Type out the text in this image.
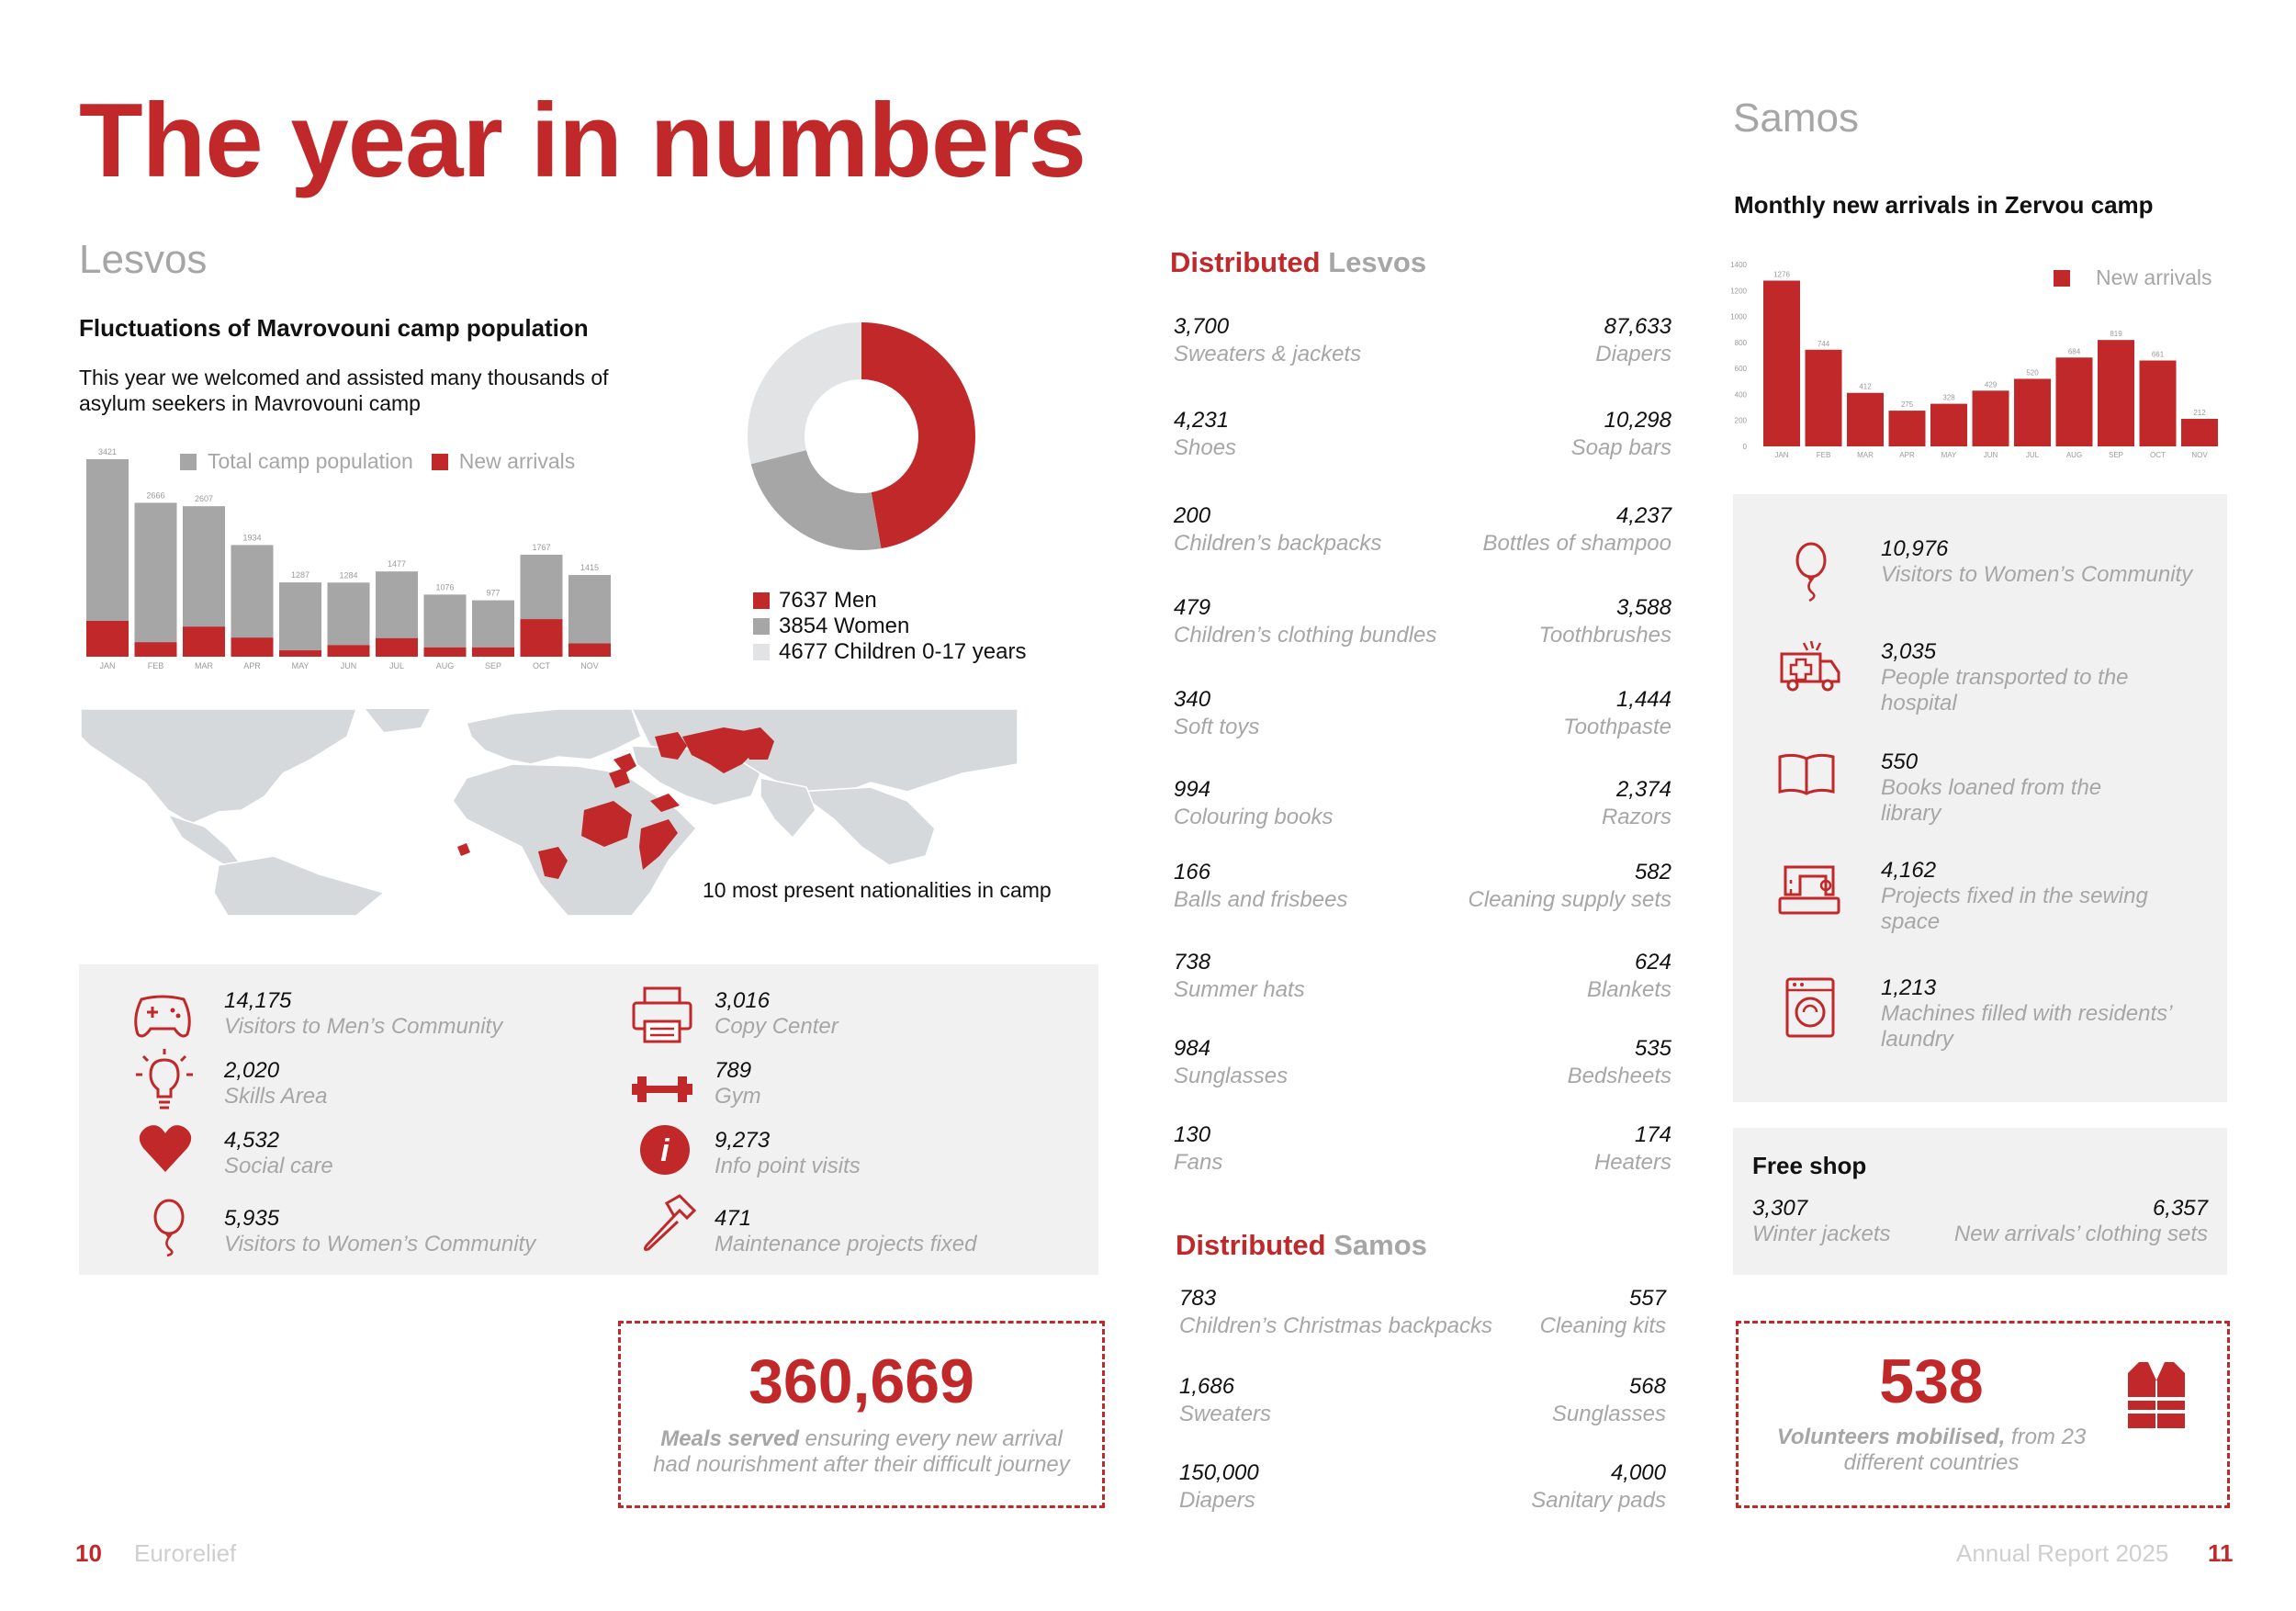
The year in numbers
Lesvos
Fluctuations of Mavrovouni camp population
This year we welcomed and assisted many thousands of asylum seekers in Mavrovouni camp
Total camp population New arrivals
3421
JAN
2666
FEB
2607
MAR
1934
APR
1287
MAY
1284
JUN
1477
JUL
1076
AUG
977
SEP
1767
OCT
1415
NOV
7637 Men
3854 Women
4677 Children 0-17 years
10 most present nationalities in camp
i
14,175
Visitors to Men’s Community
2,020
Skills Area
4,532
Social care
5,935
Visitors to Women’s Community
3,016
Copy Center
789
Gym
9,273
Info point visits
471
Maintenance projects fixed
360,669
Meals served ensuring every new arrival had nourishment after their difficult journey
Distributed Lesvos
3,700
Sweaters & jackets
4,231
Shoes
200
Children’s backpacks
479
Children’s clothing bundles
340
Soft toys
994
Colouring books
166
Balls and frisbees
738
Summer hats
984
Sunglasses
130
Fans
87,633
Diapers
10,298
Soap bars
4,237
Bottles of shampoo
3,588
Toothbrushes
1,444
Toothpaste
2,374
Razors
582
Cleaning supply sets
624
Blankets
535
Bedsheets
174
Heaters
Distributed Samos
783
Children’s Christmas backpacks
1,686
Sweaters
150,000
Diapers
557
Cleaning kits
568
Sunglasses
4,000
Sanitary pads
Samos
Monthly new arrivals in Zervou camp
New arrivals
0
200
400
600
800
1000
1200
1400
1276
JAN
744
FEB
412
MAR
275
APR
328
MAY
429
JUN
520
JUL
684
AUG
819
SEP
661
OCT
212
NOV
10,976
Visitors to Women’s Community
3,035
People transported to the hospital
550
Books loaned from the library
4,162
Projects fixed in the sewing space
1,213
Machines filled with residents’ laundry
Free shop
3,307
Winter jackets
6,357
New arrivals’ clothing sets
538
Volunteers mobilised, from 23 different countries
10 Eurorelief	Annual Report 2025 11
